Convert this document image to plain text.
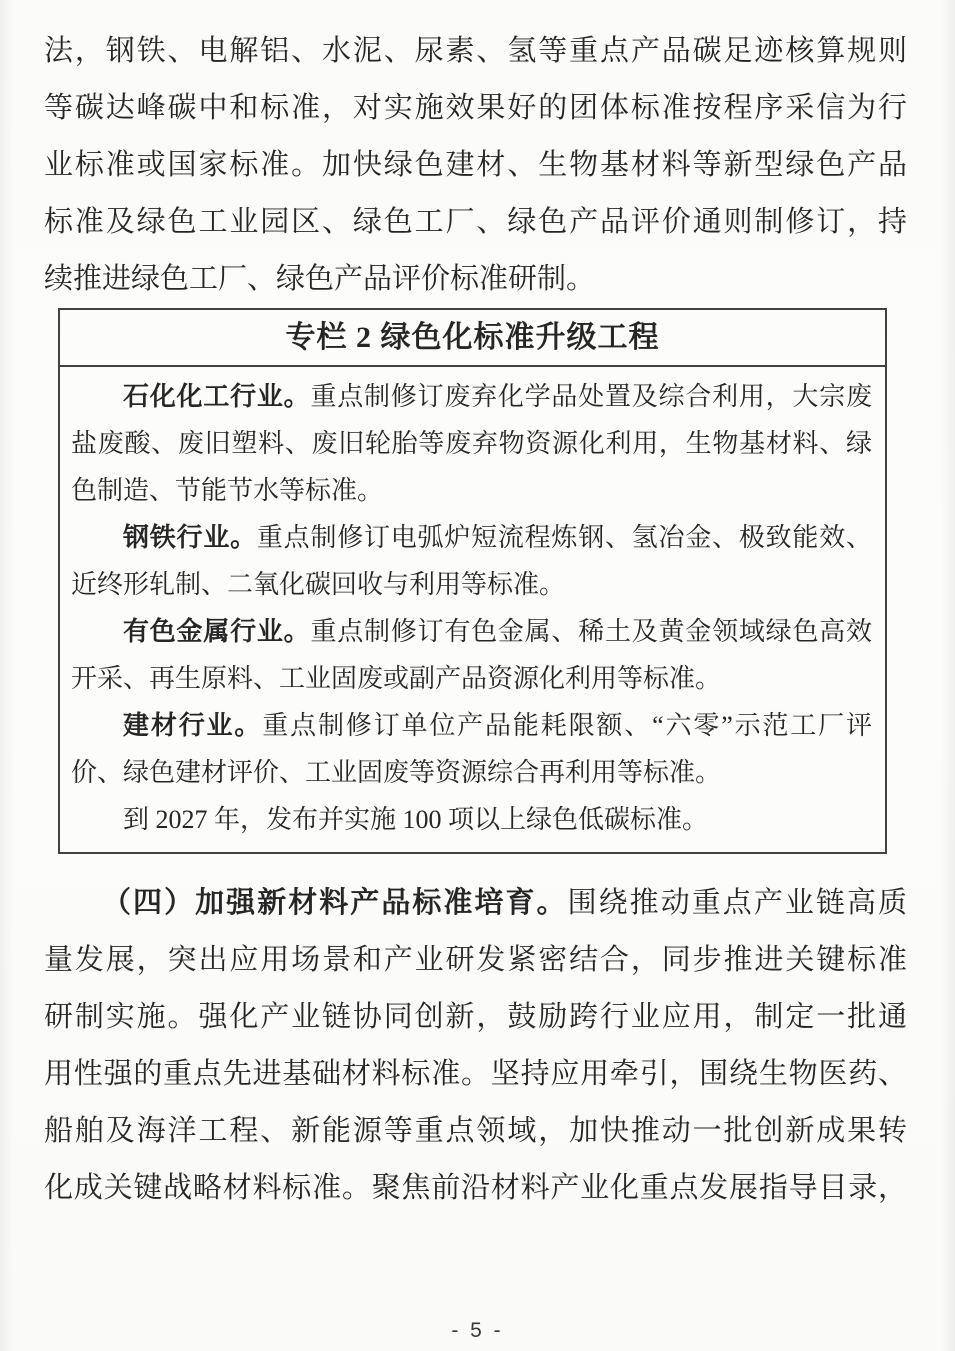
法，钢铁、电解铝、水泥、尿素、氢等重点产品碳足迹核算规则
等碳达峰碳中和标准，对实施效果好的团体标准按程序采信为行
业标准或国家标准。加快绿色建材、生物基材料等新型绿色产品
标准及绿色工业园区、绿色工厂、绿色产品评价通则制修订，持
续推进绿色工厂、绿色产品评价标准研制。
专栏 2 绿色化标准升级工程
石化化工行业。重点制修订废弃化学品处置及综合利用，大宗废
盐废酸、废旧塑料、废旧轮胎等废弃物资源化利用，生物基材料、绿
色制造、节能节水等标准。
钢铁行业。重点制修订电弧炉短流程炼钢、氢冶金、极致能效、
近终形轧制、二氧化碳回收与利用等标准。
有色金属行业。重点制修订有色金属、稀土及黄金领域绿色高效
开采、再生原料、工业固废或副产品资源化利用等标准。
建材行业。重点制修订单位产品能耗限额、“六零”示范工厂评
价、绿色建材评价、工业固废等资源综合再利用等标准。
到 2027 年，发布并实施 100 项以上绿色低碳标准。
（四）加强新材料产品标准培育。围绕推动重点产业链高质
量发展，突出应用场景和产业研发紧密结合，同步推进关键标准
研制实施。强化产业链协同创新，鼓励跨行业应用，制定一批通
用性强的重点先进基础材料标准。坚持应用牵引，围绕生物医药、
船舶及海洋工程、新能源等重点领域，加快推动一批创新成果转
化成关键战略材料标准。聚焦前沿材料产业化重点发展指导目录，
- 5 -
